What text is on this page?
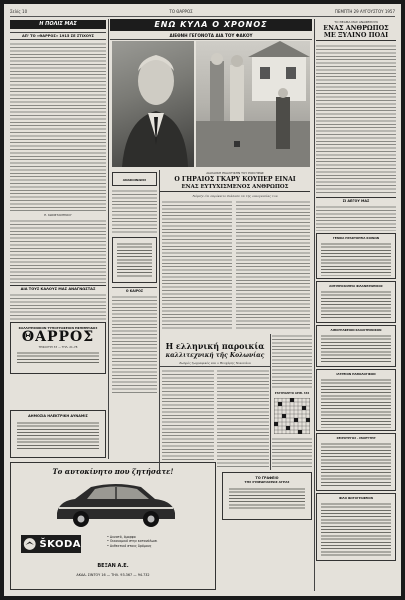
Σελίς 10	ΤΟ ΘΑΡΡΟΣ	ΠΕΜΠΤΗ 29 ΑΥΓΟΥΣΤΟΥ 1957
Η ΠΟΛΙΣ ΜΑΣ
ΑΠ' ΤΟ «ΘΑΡΡΟΣ» 1915 ΣΕ ΣΤΙΧΟΥΣ
Ε. ΚΩΝΣΤΑΝΤΙΝΟΥ
ΔΙΑ ΤΟΥΣ ΚΑΛΟΥΣ ΜΑΣ ΑΝΑΓΝΩΣΤΑΣ
ΚΑΛΛΙΤΕΧΝΙΚΟΝ ΤΥΠΟΓΡΑΦΕΙΟΝ ΕΦΗΜΕΡΙΔΟΣ
ΘΑΡΡΟΣ
ΤΡΙΚΟΥΠΗ 33 — ΤΗΛ. 21-78
ΔΗΜΟΣΙΑ ΗΛΕΚΤΡΙΚΗ ΔΥΝΑΜΙΣ
ΕΝΩ ΚΥΛΑ Ο ΧΡΟΝΟΣ
ΔΙΕΘΝΗ ΓΕΓΟΝΟΤΑ ΔΙΑ ΤΟΥ ΦΑΚΟΥ
ΑΙΑΣΑΣΚΗ ΕΚΑΛΙΤΙΚΗΝ ΤΟΥ ΡΟΝ ΗΡΩΣ
Ο ΓΗΡΑΙΟΣ ΓΚΑΡΥ ΚΟΥΠΕΡ ΕΙΝΑΙ
ΕΝΑΣ ΕΥΤΥΧΙΣΜΕΝΟΣ ΑΝΘΡΩΠΟΣ
Νόμιζε ότι επρόκειτο διάλυσε τα της οικογενείας του
ΑΝΑΚΟΙΝΩΣΙΣ
Ο ΚΑΙΡΟΣ
Η ελληνική παροικία
καλλιτεχνική τῆς Κολωνίας
Ζωηρός ζωγραφικός και ο Θεοχάρης Νικολάου
ΣΤΑΥΡΟΛΕΞΟ ΑΡΙΘ. 334
ΤΟ ΓΡΑΦΕΙΟ
ΤΗΣ ΣΥΝΕΔΡΙΑΣΕΩΣ ΑΓΡΑΣ
Το αυτοκίνητο που ζητήσατε!
ŠKODA
• Δυνατό, όμορφο
• Οικονομικό στην κατανάλωσι
• Ανθεκτικό στους δρόμους
ΒΕΞΑΝ Α.Ε.
ΑΚΑΔ. ΣΙΝΤΟΥ 16 — ΤΗΛ. 93.367 — 94.732
ΤΟ ΘΕΑΜΑ ΜΑΣ ΑΝΑΦΕΡΟΥΝ
ΕΝΑΣ ΑΝΘΡΩΠΟΣ
ΜΕ ΞΥΛΙΝΟ ΠΟΔΙ
ΣΙ ΑΕΓΟΥ ΜΑΣ
ΓΕΝΙΚΑ ΠΡΑΚΤΟΡΕΙΑ ΚΟΙΝΩΝ
ΑΝΤΙΠΡΟΣΩΠΕΙΑ ΦΙΛΑΝΘΡΩΠΙΚΟΣ
ΛΙΘΟΓΡΑΦΕΙΟΝ ΚΑΛΛΙΤΕΧΝΙΚΟΝ
ΙΑΤΡΕΙΟΝ ΠΑΘΟΛΟΓΙΚΟΝ
ΧΕΙΡΟΥΡΓΟΣ - ΜΑΙΕΥΤΗΡ
ΦΙΛΟ ΦΩΤΟΓΡΑΦΕΙΟΝ
